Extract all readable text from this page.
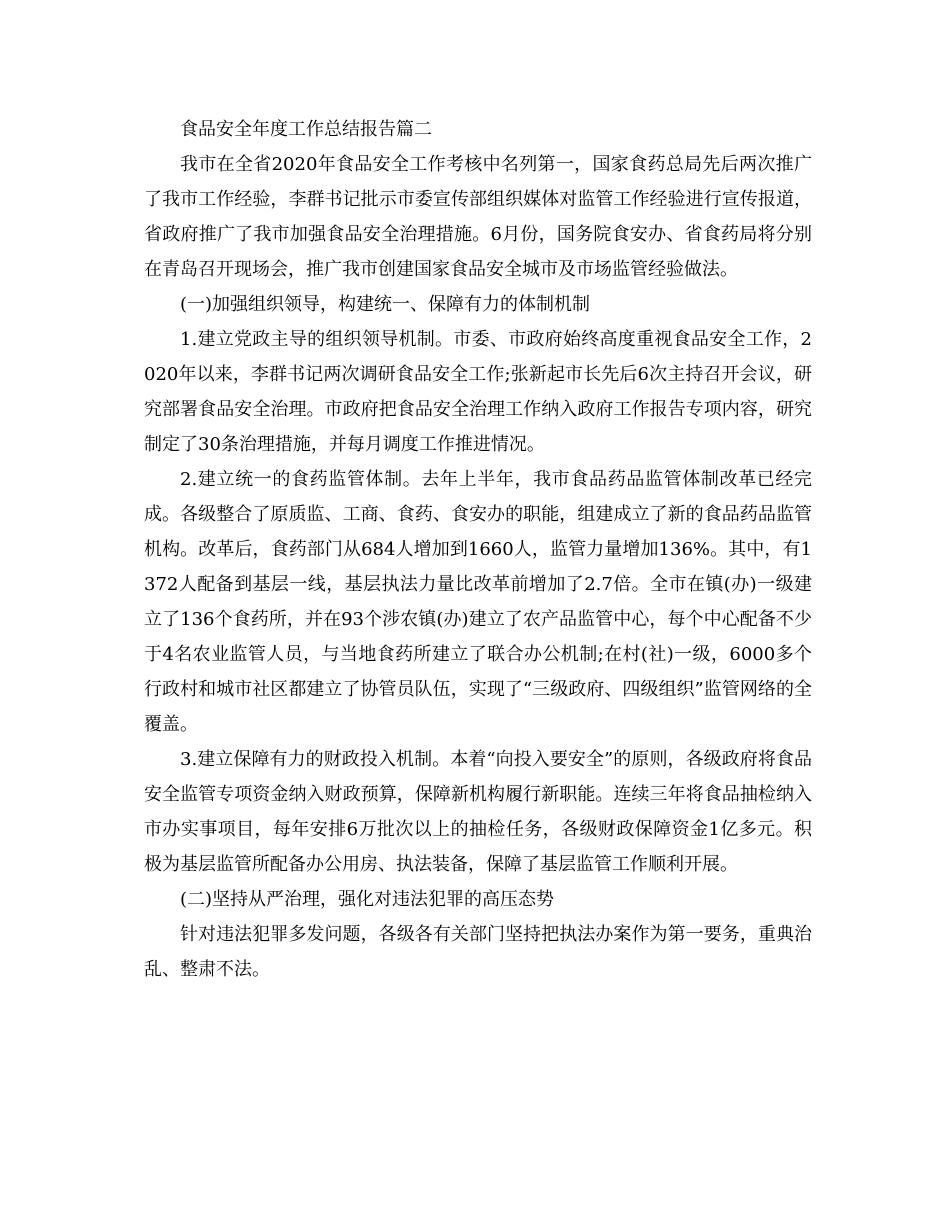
食品安全年度工作总结报告篇二

我市在全省2020年食品安全工作考核中名列第一，国家食药总局先后两次推广了我市工作经验，李群书记批示市委宣传部组织媒体对监管工作经验进行宣传报道，省政府推广了我市加强食品安全治理措施。6月份，国务院食安办、省食药局将分别在青岛召开现场会，推广我市创建国家食品安全城市及市场监管经验做法。

(一)加强组织领导，构建统一、保障有力的体制机制

1.建立党政主导的组织领导机制。市委、市政府始终高度重视食品安全工作，2020年以来，李群书记两次调研食品安全工作;张新起市长先后6次主持召开会议，研究部署食品安全治理。市政府把食品安全治理工作纳入政府工作报告专项内容，研究制定了30条治理措施，并每月调度工作推进情况。

2.建立统一的食药监管体制。去年上半年，我市食品药品监管体制改革已经完成。各级整合了原质监、工商、食药、食安办的职能，组建成立了新的食品药品监管机构。改革后，食药部门从684人增加到1660人，监管力量增加136%。其中，有1372人配备到基层一线，基层执法力量比改革前增加了2.7倍。全市在镇(办)一级建立了136个食药所，并在93个涉农镇(办)建立了农产品监管中心，每个中心配备不少于4名农业监管人员，与当地食药所建立了联合办公机制;在村(社)一级，6000多个行政村和城市社区都建立了协管员队伍，实现了“三级政府、四级组织”监管网络的全覆盖。

3.建立保障有力的财政投入机制。本着“向投入要安全”的原则，各级政府将食品安全监管专项资金纳入财政预算，保障新机构履行新职能。连续三年将食品抽检纳入市办实事项目，每年安排6万批次以上的抽检任务，各级财政保障资金1亿多元。积极为基层监管所配备办公用房、执法装备，保障了基层监管工作顺利开展。

(二)坚持从严治理，强化对违法犯罪的高压态势

针对违法犯罪多发问题，各级各有关部门坚持把执法办案作为第一要务，重典治乱、整肃不法。
